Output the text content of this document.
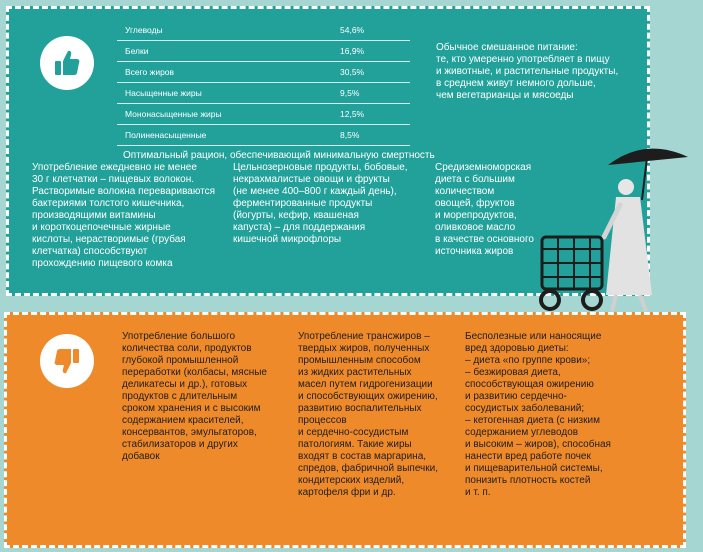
Углеводы	54,6%
Белки	16,9%
Всего жиров	30,5%
Насыщенные жиры	9,5%
Мононасыщенные жиры	12,5%
Полиненасыщенные	8,5%

Оптимальный рацион, обеспечивающий минимальную смертность

Обычное смешанное питание:
те, кто умеренно употребляет в пищу
и животные, и растительные продукты,
в среднем живут немного дольше,
чем вегетарианцы и мясоеды

Употребление ежедневно не менее
30 г клетчатки – пищевых волокон.
Растворимые волокна перевариваются
бактериями толстого кишечника,
производящими витамины
и короткоцепочечные жирные
кислоты, нерастворимые (грубая
клетчатка) способствуют
прохождению пищевого комка

Цельнозерновые продукты, бобовые,
некрахмалистые овощи и фрукты
(не менее 400–800 г каждый день),
ферментированные продукты
(йогурты, кефир, квашеная
капуста) – для поддержания
кишечной микрофлоры

Средиземноморская
диета с большим
количеством
овощей, фруктов
и морепродуктов,
оливковое масло
в качестве основного
источника жиров

Употребление большого
количества соли, продуктов
глубокой промышленной
переработки (колбасы, мясные
деликатесы и др.), готовых
продуктов с длительным
сроком хранения и с высоким
содержанием красителей,
консервантов, эмульгаторов,
стабилизаторов и других
добавок

Употребление трансжиров –
твердых жиров, полученных
промышленным способом
из жидких растительных
масел путем гидрогенизации
и способствующих ожирению,
развитию воспалительных
процессов
и сердечно-сосудистым
патологиям. Такие жиры
входят в состав маргарина,
спредов, фабричной выпечки,
кондитерских изделий,
картофеля фри и др.

Бесполезные или наносящие
вред здоровью диеты:
– диета «по группе крови»;
– безжировая диета,
способствующая ожирению
и развитию сердечно-
сосудистых заболеваний;
– кетогенная диета (с низким
содержанием углеводов
и высоким – жиров), способная
нанести вред работе почек
и пищеварительной системы,
понизить плотность костей
и т. п.
